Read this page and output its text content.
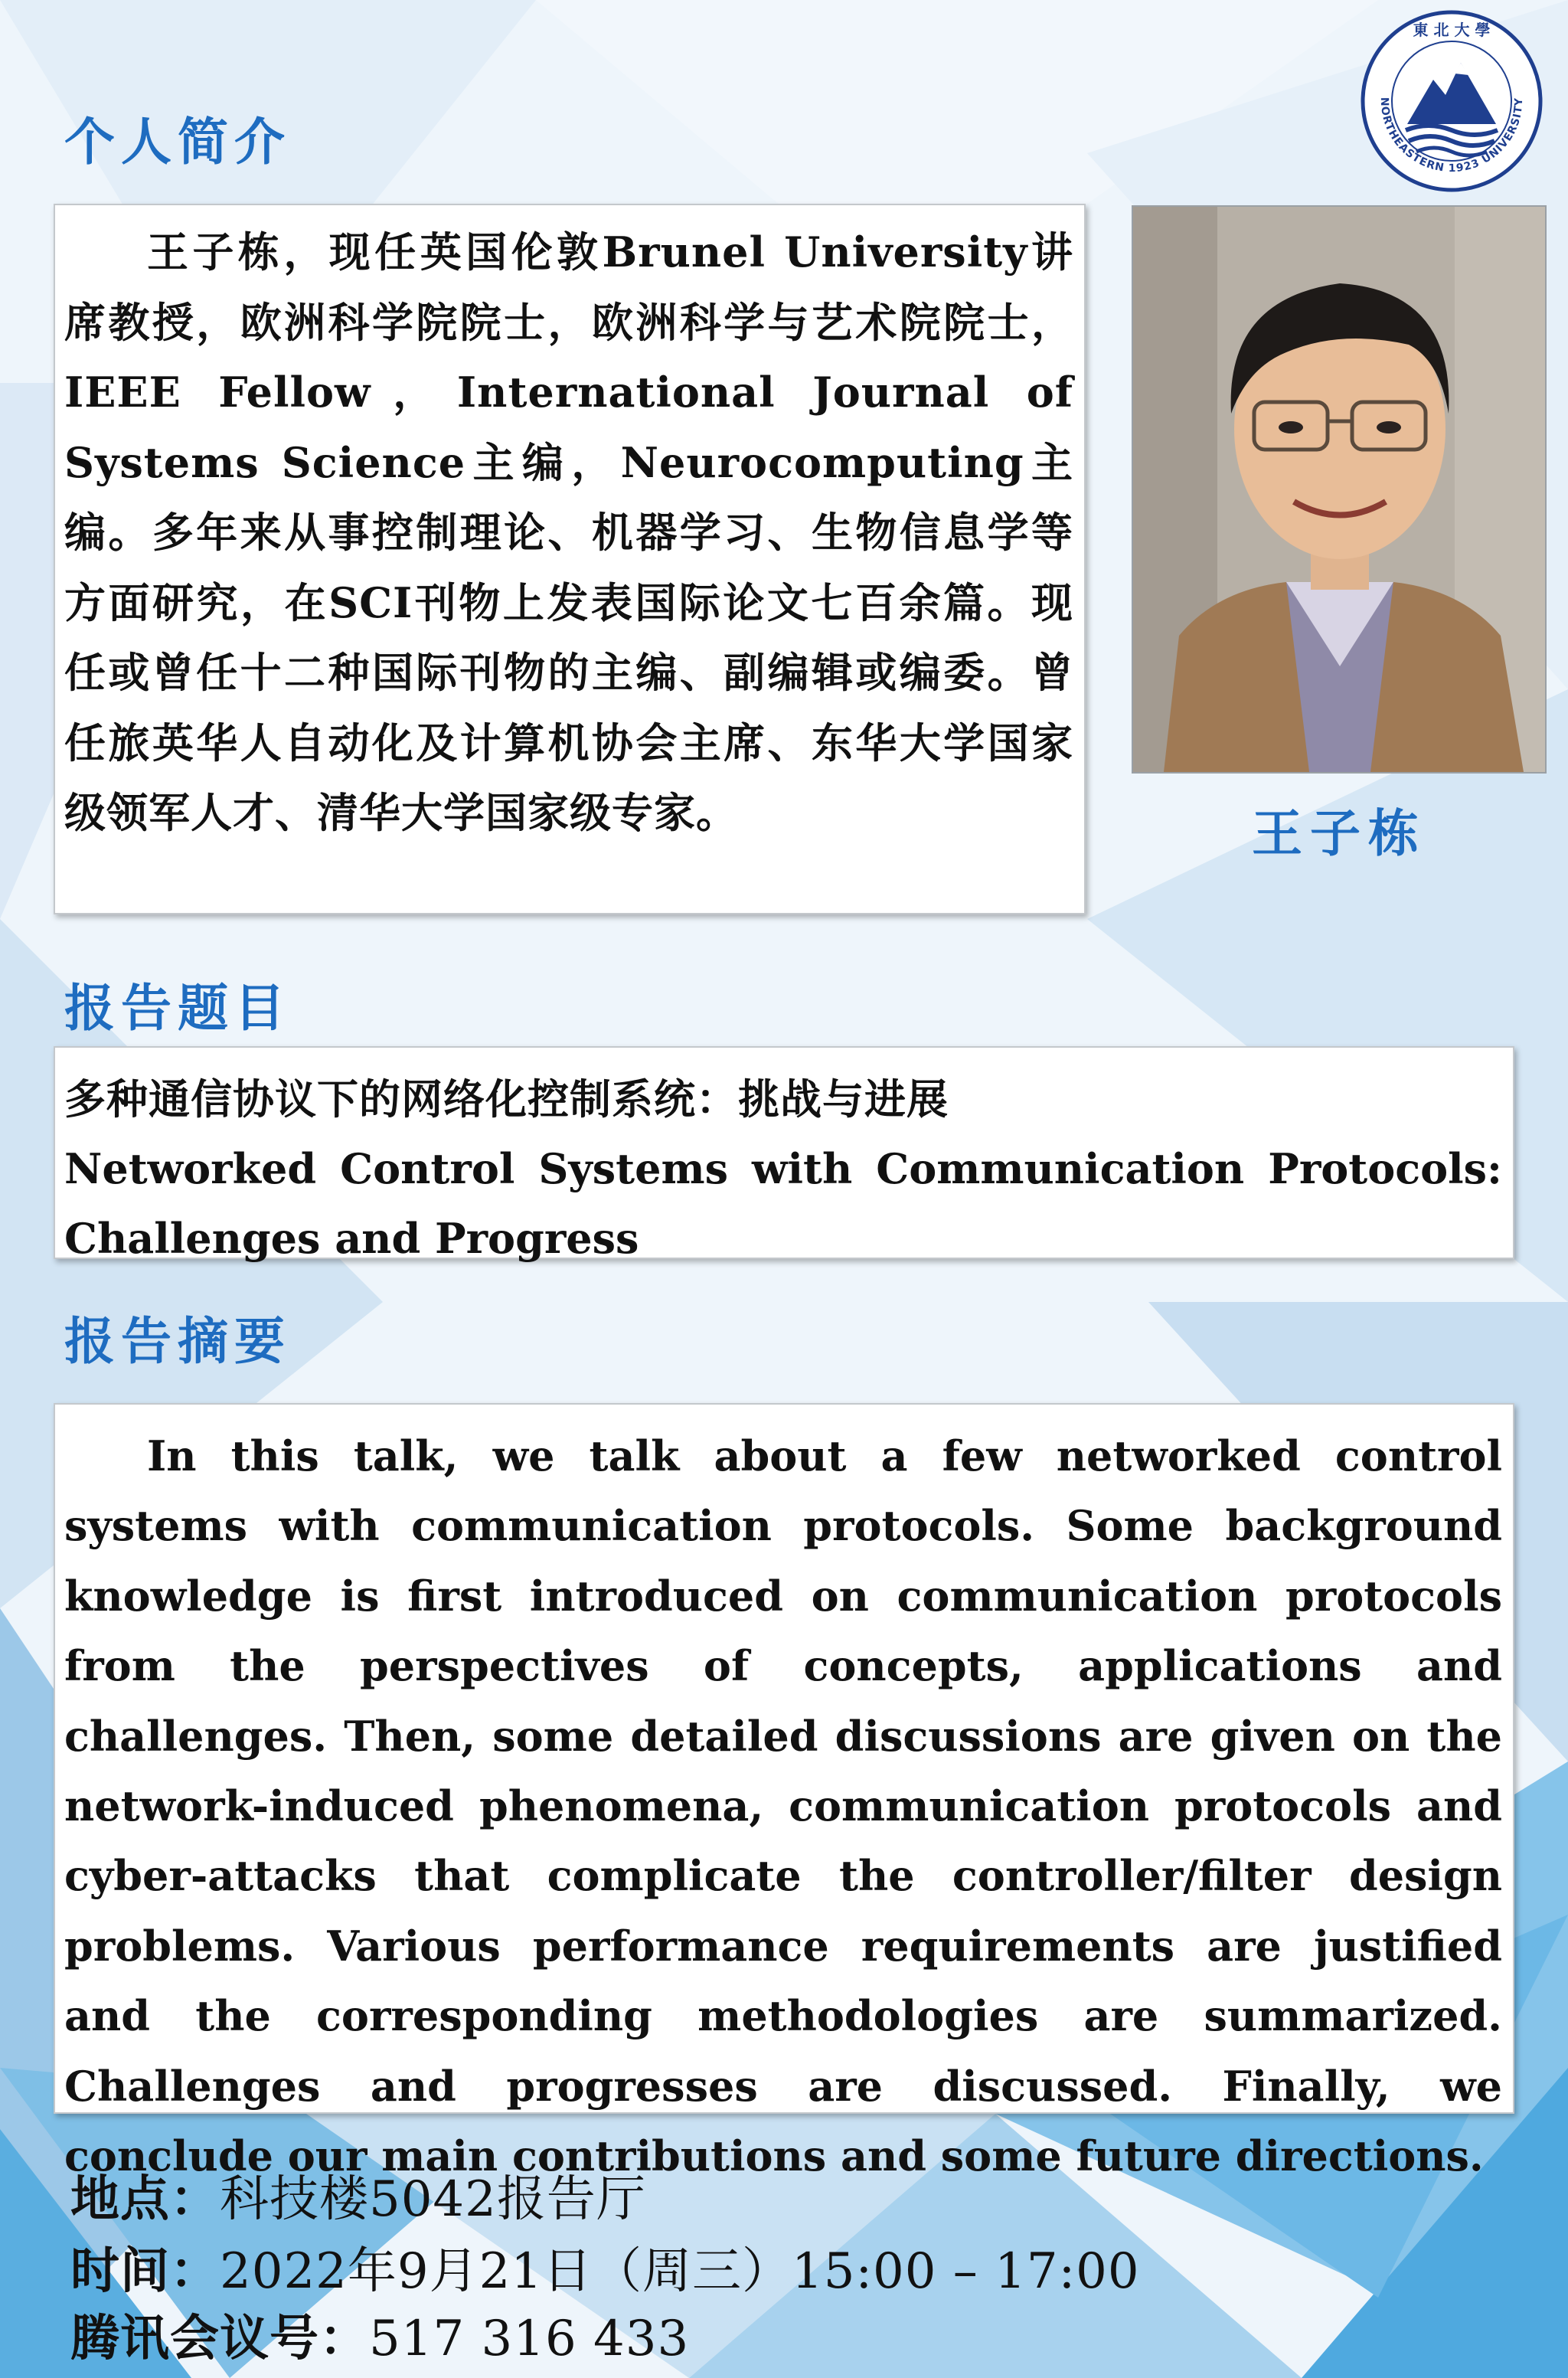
東 北 大 學
NORTHEASTERN 1923 UNIVERSITY
个人简介

王子栋，现任英国伦敦Brunel University讲席教授，欧洲科学院院士，欧洲科学与艺术院院士，IEEE Fellow，International Journal of Systems Science主编，Neurocomputing主编。多年来从事控制理论、机器学习、生物信息学等方面研究，在SCI刊物上发表国际论文七百余篇。现任或曾任十二种国际刊物的主编、副编辑或编委。曾任旅英华人自动化及计算机协会主席、东华大学国家级领军人才、清华大学国家级专家。	王子栋

报告题目

多种通信协议下的网络化控制系统：挑战与进展

Networked Control Systems with Communication Protocols: Challenges and Progress

报告摘要

In this talk, we talk about a few networked control systems with communication protocols. Some background knowledge is first introduced on communication protocols from the perspectives of concepts, applications and challenges. Then, some detailed discussions are given on the network-induced phenomena, communication protocols and cyber-attacks that complicate the controller/filter design problems. Various performance requirements are justified and the corresponding methodologies are summarized. Challenges and progresses are discussed. Finally, we conclude our main contributions and some future directions.

地点：科技楼5042报告厅

时间：2022年9月21日（周三）15:00 – 17:00

腾讯会议号：517 316 433
